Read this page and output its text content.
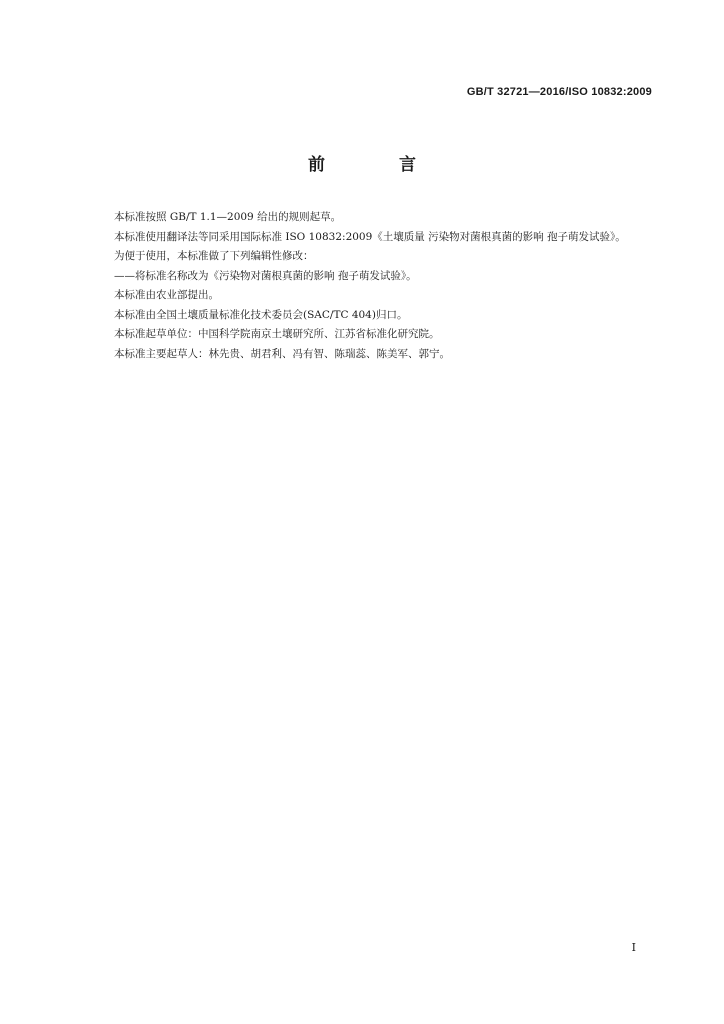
GB/T 32721—2016/ISO 10832:2009
前 言

本标准按照 GB/T 1.1—2009 给出的规则起草。

本标准使用翻译法等同采用国际标准 ISO 10832:2009《土壤质量 污染物对菌根真菌的影响 孢子萌发试验》。

为便于使用，本标准做了下列编辑性修改：

——将标准名称改为《污染物对菌根真菌的影响 孢子萌发试验》。

本标准由农业部提出。

本标准由全国土壤质量标准化技术委员会(SAC/TC 404)归口。

本标准起草单位：中国科学院南京土壤研究所、江苏省标准化研究院。

本标准主要起草人：林先贵、胡君利、冯有智、陈瑞蕊、陈美军、郭宁。

I
